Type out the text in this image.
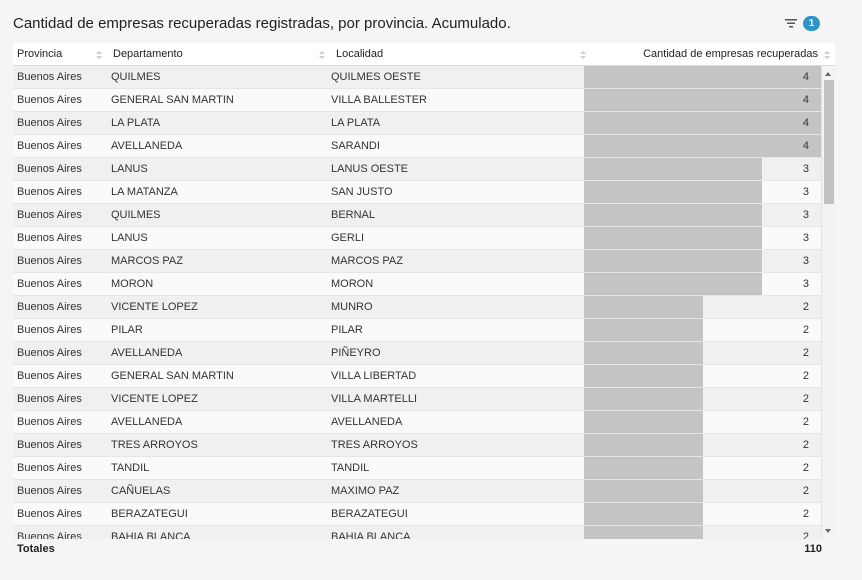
Cantidad de empresas recuperadas registradas, por provincia. Acumulado.	1
Provincia	Departamento	Localidad	Cantidad de empresas recuperadas
Buenos Aires	QUILMES	QUILMES OESTE	4
Buenos Aires	GENERAL SAN MARTIN	VILLA BALLESTER	4
Buenos Aires	LA PLATA	LA PLATA	4
Buenos Aires	AVELLANEDA	SARANDI	4
Buenos Aires	LANUS	LANUS OESTE	3
Buenos Aires	LA MATANZA	SAN JUSTO	3
Buenos Aires	QUILMES	BERNAL	3
Buenos Aires	LANUS	GERLI	3
Buenos Aires	MARCOS PAZ	MARCOS PAZ	3
Buenos Aires	MORON	MORON	3
Buenos Aires	VICENTE LOPEZ	MUNRO	2
Buenos Aires	PILAR	PILAR	2
Buenos Aires	AVELLANEDA	PIÑEYRO	2
Buenos Aires	GENERAL SAN MARTIN	VILLA LIBERTAD	2
Buenos Aires	VICENTE LOPEZ	VILLA MARTELLI	2
Buenos Aires	AVELLANEDA	AVELLANEDA	2
Buenos Aires	TRES ARROYOS	TRES ARROYOS	2
Buenos Aires	TANDIL	TANDIL	2
Buenos Aires	CAÑUELAS	MAXIMO PAZ	2
Buenos Aires	BERAZATEGUI	BERAZATEGUI	2
Buenos Aires	BAHIA BLANCA	BAHIA BLANCA	2
Totales	110
